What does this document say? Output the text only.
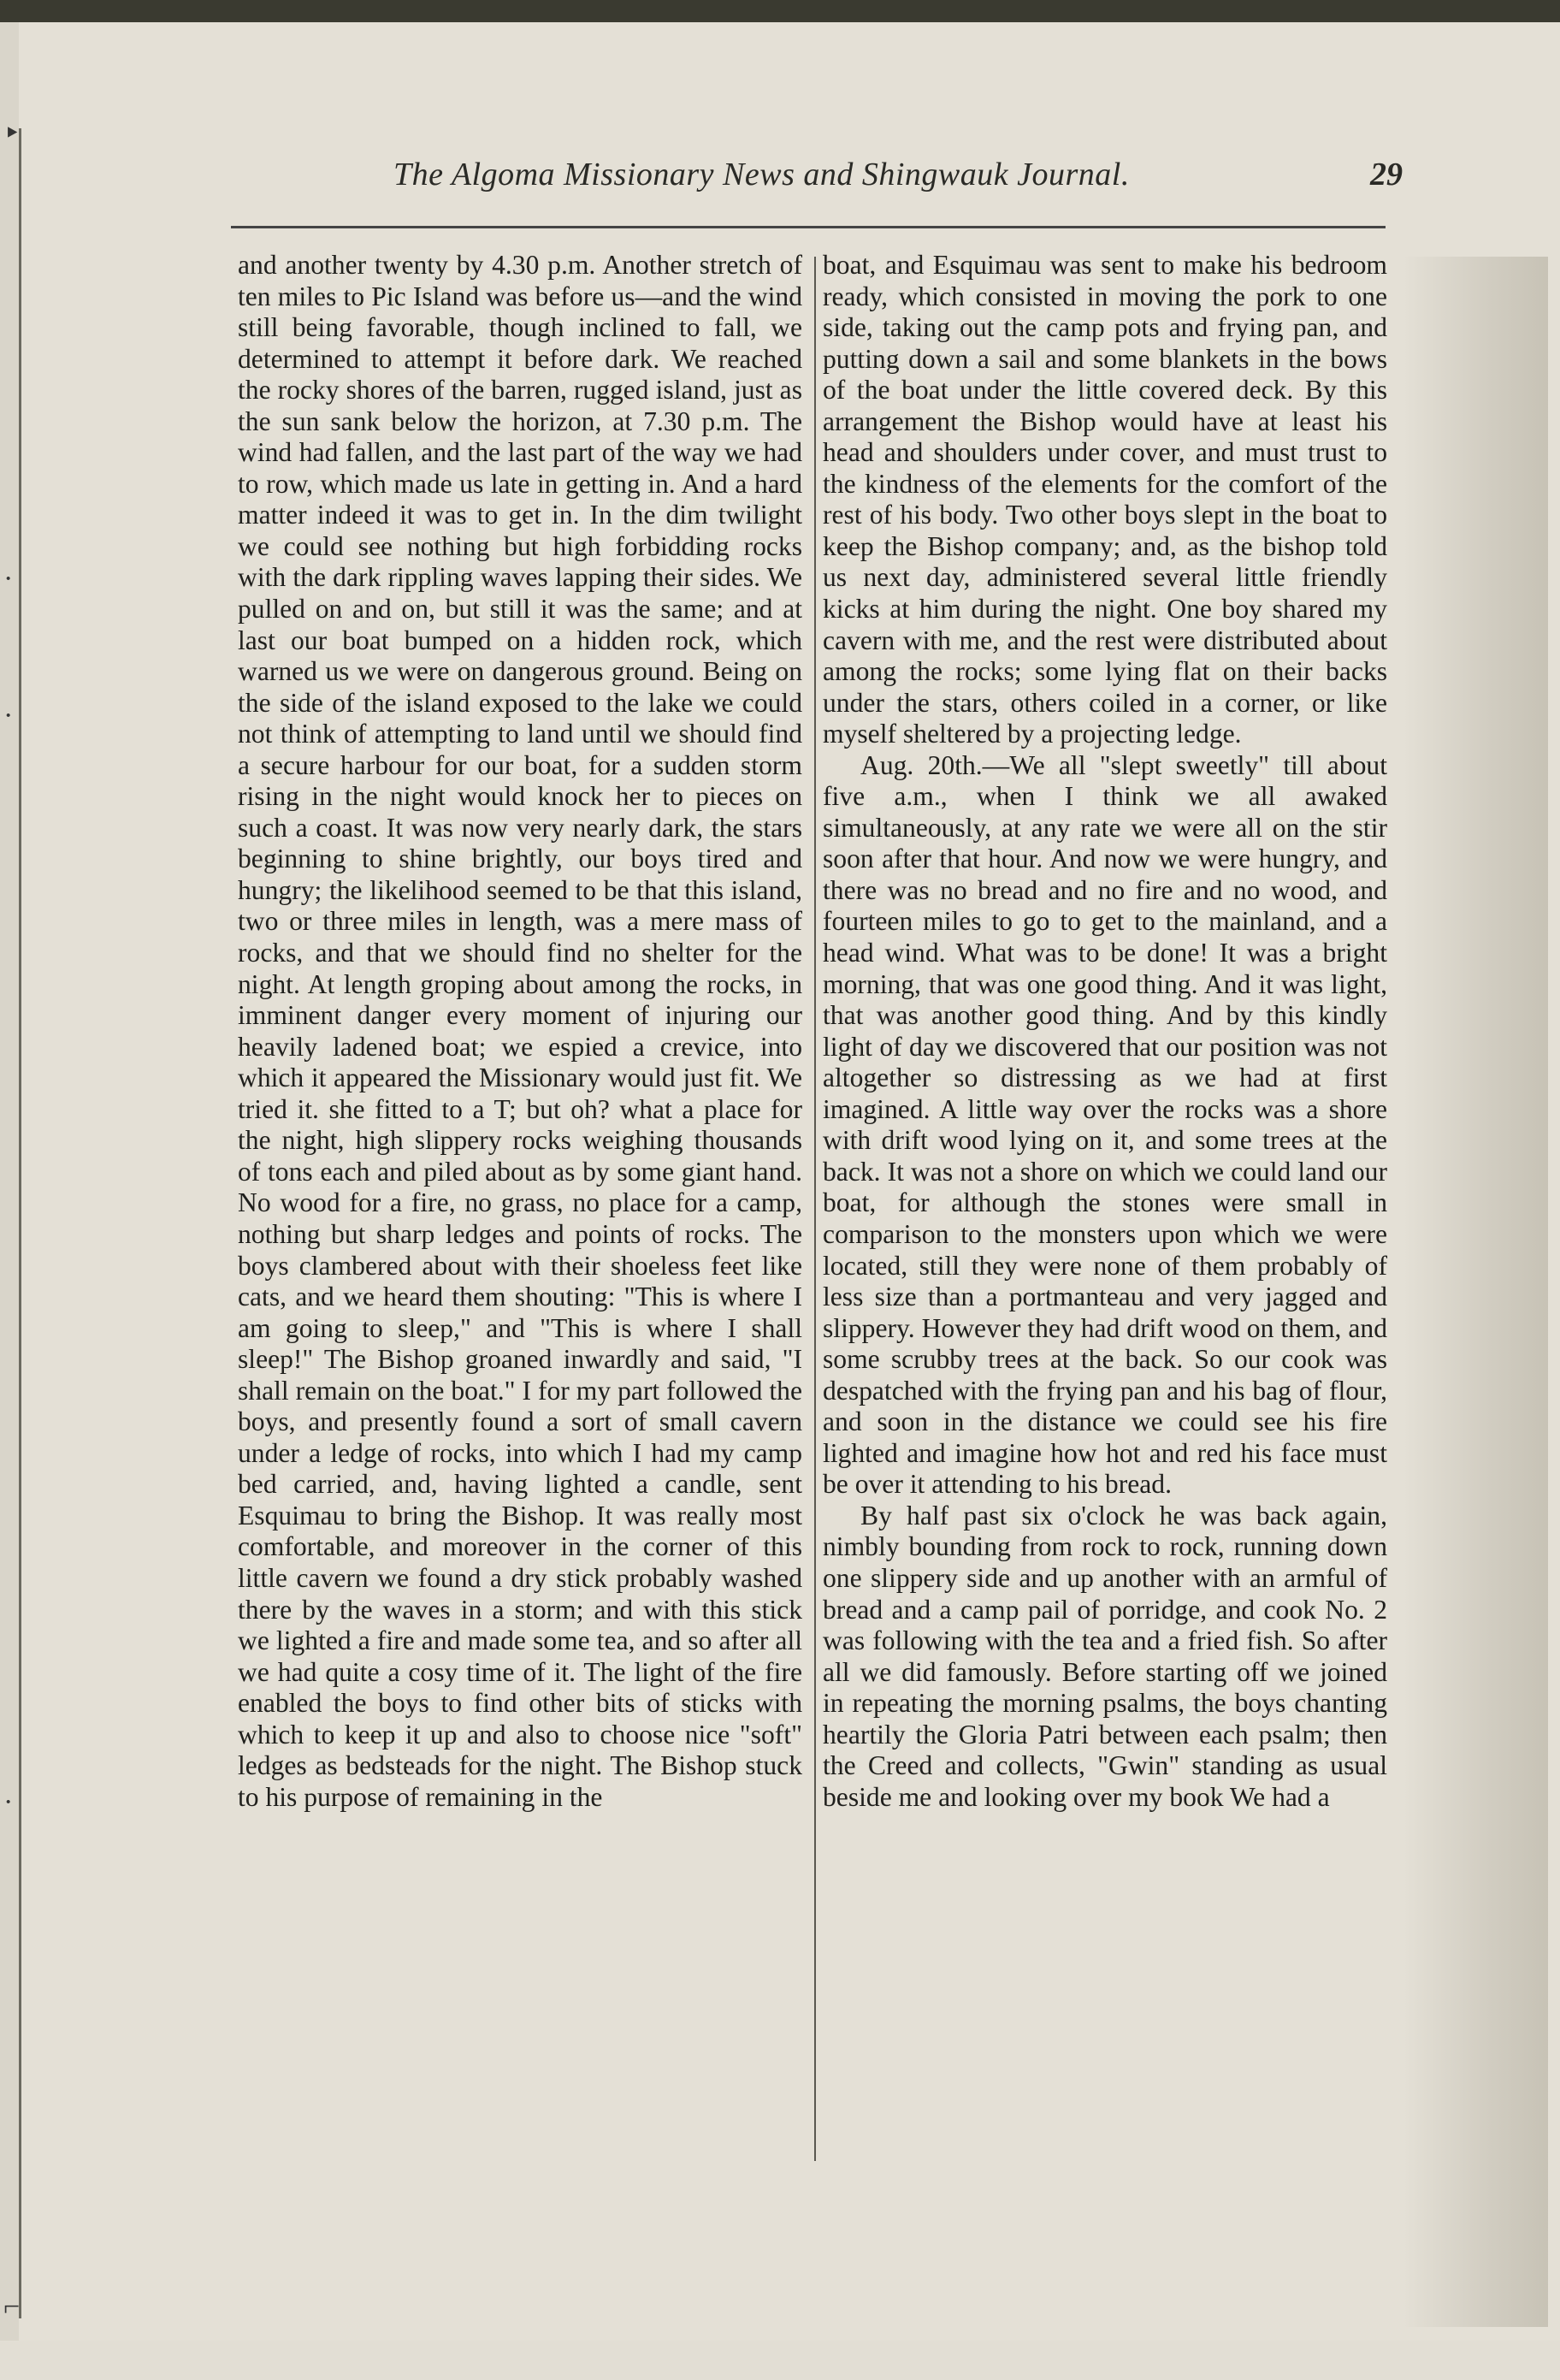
‣
·
·
·
⌐
The Algoma Missionary News and Shingwauk Journal.	29

and another twenty by 4.30 p.m. Another stretch of ten miles to Pic Island was before us—and the wind still being favorable, though inclined to fall, we determined to attempt it before dark. We reached the rocky shores of the barren, rugged island, just as the sun sank below the horizon, at 7.30 p.m. The wind had fallen, and the last part of the way we had to row, which made us late in getting in. And a hard matter indeed it was to get in. In the dim twilight we could see nothing but high forbidding rocks with the dark rippling waves lapping their sides. We pulled on and on, but still it was the same; and at last our boat bumped on a hidden rock, which warned us we were on dangerous ground. Being on the side of the island exposed to the lake we could not think of attempting to land until we should find a secure harbour for our boat, for a sudden storm rising in the night would knock her to pieces on such a coast. It was now very nearly dark, the stars beginning to shine brightly, our boys tired and hungry; the likelihood seemed to be that this island, two or three miles in length, was a mere mass of rocks, and that we should find no shelter for the night. At length groping about among the rocks, in imminent danger every moment of injuring our heavily ladened boat; we espied a crevice, into which it appeared the Missionary would just fit. We tried it. she fitted to a T; but oh? what a place for the night, high slippery rocks weighing thousands of tons each and piled about as by some giant hand. No wood for a fire, no grass, no place for a camp, nothing but sharp ledges and points of rocks. The boys clambered about with their shoeless feet like cats, and we heard them shouting: "This is where I am going to sleep," and "This is where I shall sleep!" The Bishop groaned inwardly and said, "I shall remain on the boat." I for my part followed the boys, and presently found a sort of small cavern under a ledge of rocks, into which I had my camp bed carried, and, having lighted a candle, sent Esquimau to bring the Bishop. It was really most comfortable, and moreover in the corner of this little cavern we found a dry stick probably washed there by the waves in a storm; and with this stick we lighted a fire and made some tea, and so after all we had quite a cosy time of it. The light of the fire enabled the boys to find other bits of sticks with which to keep it up and also to choose nice "soft" ledges as bedsteads for the night. The Bishop stuck to his purpose of remaining in the

boat, and Esquimau was sent to make his bedroom ready, which consisted in moving the pork to one side, taking out the camp pots and frying pan, and putting down a sail and some blankets in the bows of the boat under the little covered deck. By this arrangement the Bishop would have at least his head and shoulders under cover, and must trust to the kindness of the elements for the comfort of the rest of his body. Two other boys slept in the boat to keep the Bishop company; and, as the bishop told us next day, administered several little friendly kicks at him during the night. One boy shared my cavern with me, and the rest were distributed about among the rocks; some lying flat on their backs under the stars, others coiled in a corner, or like myself sheltered by a projecting ledge.

Aug. 20th.—We all "slept sweetly" till about five a.m., when I think we all awaked simultaneously, at any rate we were all on the stir soon after that hour. And now we were hungry, and there was no bread and no fire and no wood, and fourteen miles to go to get to the mainland, and a head wind. What was to be done! It was a bright morning, that was one good thing. And it was light, that was another good thing. And by this kindly light of day we discovered that our position was not altogether so distressing as we had at first imagined. A little way over the rocks was a shore with drift wood lying on it, and some trees at the back. It was not a shore on which we could land our boat, for although the stones were small in comparison to the monsters upon which we were located, still they were none of them probably of less size than a portmanteau and very jagged and slippery. However they had drift wood on them, and some scrubby trees at the back. So our cook was despatched with the frying pan and his bag of flour, and soon in the distance we could see his fire lighted and imagine how hot and red his face must be over it attending to his bread.

By half past six o'clock he was back again, nimbly bounding from rock to rock, running down one slippery side and up another with an armful of bread and a camp pail of porridge, and cook No. 2 was following with the tea and a fried fish. So after all we did famously. Before starting off we joined in repeating the morning psalms, the boys chanting heartily the Gloria Patri between each psalm; then the Creed and collects, "Gwin" standing as usual beside me and looking over my book We had a
